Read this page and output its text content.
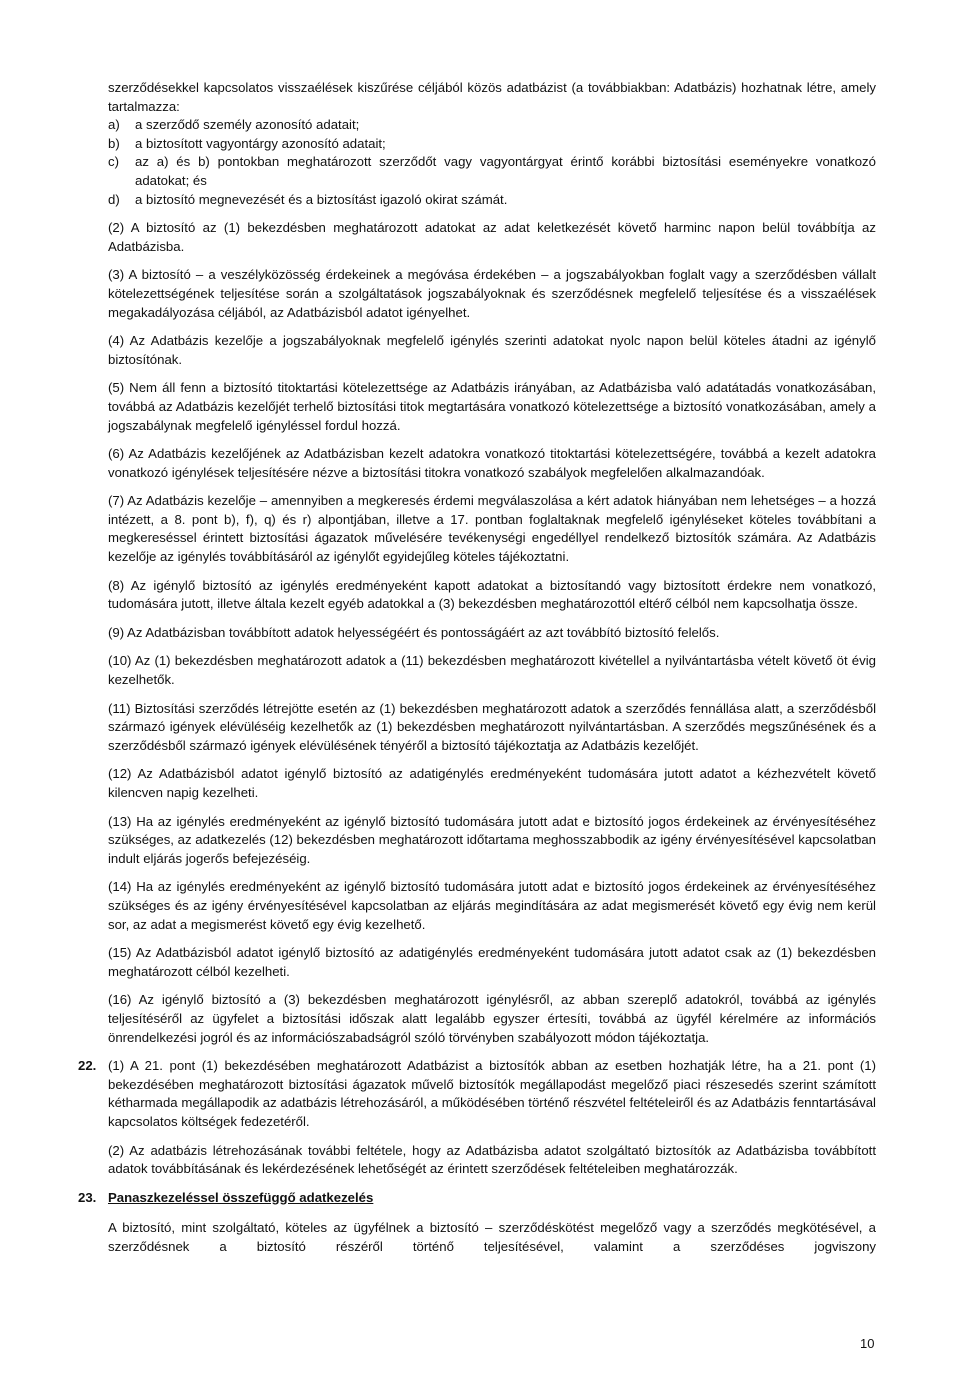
szerződésekkel kapcsolatos visszaélések kiszűrése céljából közös adatbázist (a továbbiakban: Adatbázis) hozhatnak létre, amely tartalmazza:

a) a szerződő személy azonosító adatait;
b) a biztosított vagyontárgy azonosító adatait;
c) az a) és b) pontokban meghatározott szerződőt vagy vagyontárgyat érintő korábbi biztosítási eseményekre vonatkozó adatokat; és
d) a biztosító megnevezését és a biztosítást igazoló okirat számát.

(2) A biztosító az (1) bekezdésben meghatározott adatokat az adat keletkezését követő harminc napon belül továbbítja az Adatbázisba.

(3) A biztosító – a veszélyközösség érdekeinek a megóvása érdekében – a jogszabályokban foglalt vagy a szerződésben vállalt kötelezettségének teljesítése során a szolgáltatások jogszabályoknak és szerződésnek megfelelő teljesítése és a visszaélések megakadályozása céljából, az Adatbázisból adatot igényelhet.

(4) Az Adatbázis kezelője a jogszabályoknak megfelelő igénylés szerinti adatokat nyolc napon belül köteles átadni az igénylő biztosítónak.

(5) Nem áll fenn a biztosító titoktartási kötelezettsége az Adatbázis irányában, az Adatbázisba való adatátadás vonatkozásában, továbbá az Adatbázis kezelőjét terhelő biztosítási titok megtartására vonatkozó kötelezettsége a biztosító vonatkozásában, amely a jogszabálynak megfelelő igényléssel fordul hozzá.

(6) Az Adatbázis kezelőjének az Adatbázisban kezelt adatokra vonatkozó titoktartási kötelezettségére, továbbá a kezelt adatokra vonatkozó igénylések teljesítésére nézve a biztosítási titokra vonatkozó szabályok megfelelően alkalmazandóak.

(7) Az Adatbázis kezelője – amennyiben a megkeresés érdemi megválaszolása a kért adatok hiányában nem lehetséges – a hozzá intézett, a 8. pont b), f), q) és r) alpontjában, illetve a 17. pontban foglaltaknak megfelelő igényléseket köteles továbbítani a megkereséssel érintett biztosítási ágazatok művelésére tevékenységi engedéllyel rendelkező biztosítók számára. Az Adatbázis kezelője az igénylés továbbításáról az igénylőt egyidejűleg köteles tájékoztatni.

(8) Az igénylő biztosító az igénylés eredményeként kapott adatokat a biztosítandó vagy biztosított érdekre nem vonatkozó, tudomására jutott, illetve általa kezelt egyéb adatokkal a (3) bekezdésben meghatározottól eltérő célból nem kapcsolhatja össze.

(9) Az Adatbázisban továbbított adatok helyességéért és pontosságáért az azt továbbító biztosító felelős.

(10) Az (1) bekezdésben meghatározott adatok a (11) bekezdésben meghatározott kivétellel a nyilvántartásba vételt követő öt évig kezelhetők.

(11) Biztosítási szerződés létrejötte esetén az (1) bekezdésben meghatározott adatok a szerződés fennállása alatt, a szerződésből származó igények elévüléséig kezelhetők az (1) bekezdésben meghatározott nyilvántartásban. A szerződés megszűnésének és a szerződésből származó igények elévülésének tényéről a biztosító tájékoztatja az Adatbázis kezelőjét.

(12) Az Adatbázisból adatot igénylő biztosító az adatigénylés eredményeként tudomására jutott adatot a kézhezvételt követő kilencven napig kezelheti.

(13) Ha az igénylés eredményeként az igénylő biztosító tudomására jutott adat e biztosító jogos érdekeinek az érvényesítéséhez szükséges, az adatkezelés (12) bekezdésben meghatározott időtartama meghosszabbodik az igény érvényesítésével kapcsolatban indult eljárás jogerős befejezéséig.

(14) Ha az igénylés eredményeként az igénylő biztosító tudomására jutott adat e biztosító jogos érdekeinek az érvényesítéséhez szükséges és az igény érvényesítésével kapcsolatban az eljárás megindítására az adat megismerését követő egy évig nem kerül sor, az adat a megismerést követő egy évig kezelhető.

(15) Az Adatbázisból adatot igénylő biztosító az adatigénylés eredményeként tudomására jutott adatot csak az (1) bekezdésben meghatározott célból kezelheti.

(16) Az igénylő biztosító a (3) bekezdésben meghatározott igénylésről, az abban szereplő adatokról, továbbá az igénylés teljesítéséről az ügyfelet a biztosítási időszak alatt legalább egyszer értesíti, továbbá az ügyfél kérelmére az információs önrendelkezési jogról és az információszabadságról szóló törvényben szabályozott módon tájékoztatja.

22. (1) A 21. pont (1) bekezdésében meghatározott Adatbázist a biztosítók abban az esetben hozhatják létre, ha a 21. pont (1) bekezdésében meghatározott biztosítási ágazatok művelő biztosítók megállapodást megelőző piaci részesedés szerint számított kétharmada megállapodik az adatbázis létrehozásáról, a működésében történő részvétel feltételeiről és az Adatbázis fenntartásával kapcsolatos költségek fedezetéről.

(2) Az adatbázis létrehozásának további feltétele, hogy az Adatbázisba adatot szolgáltató biztosítók az Adatbázisba továbbított adatok továbbításának és lekérdezésének lehetőségét az érintett szerződések feltételeiben meghatározzák.

23. Panaszkezeléssel összefüggő adatkezelés

A biztosító, mint szolgáltató, köteles az ügyfélnek a biztosító – szerződéskötést megelőző vagy a szerződés megkötésével, a szerződésnek a biztosító részéről történő teljesítésével, valamint a szerződéses jogviszony

10
